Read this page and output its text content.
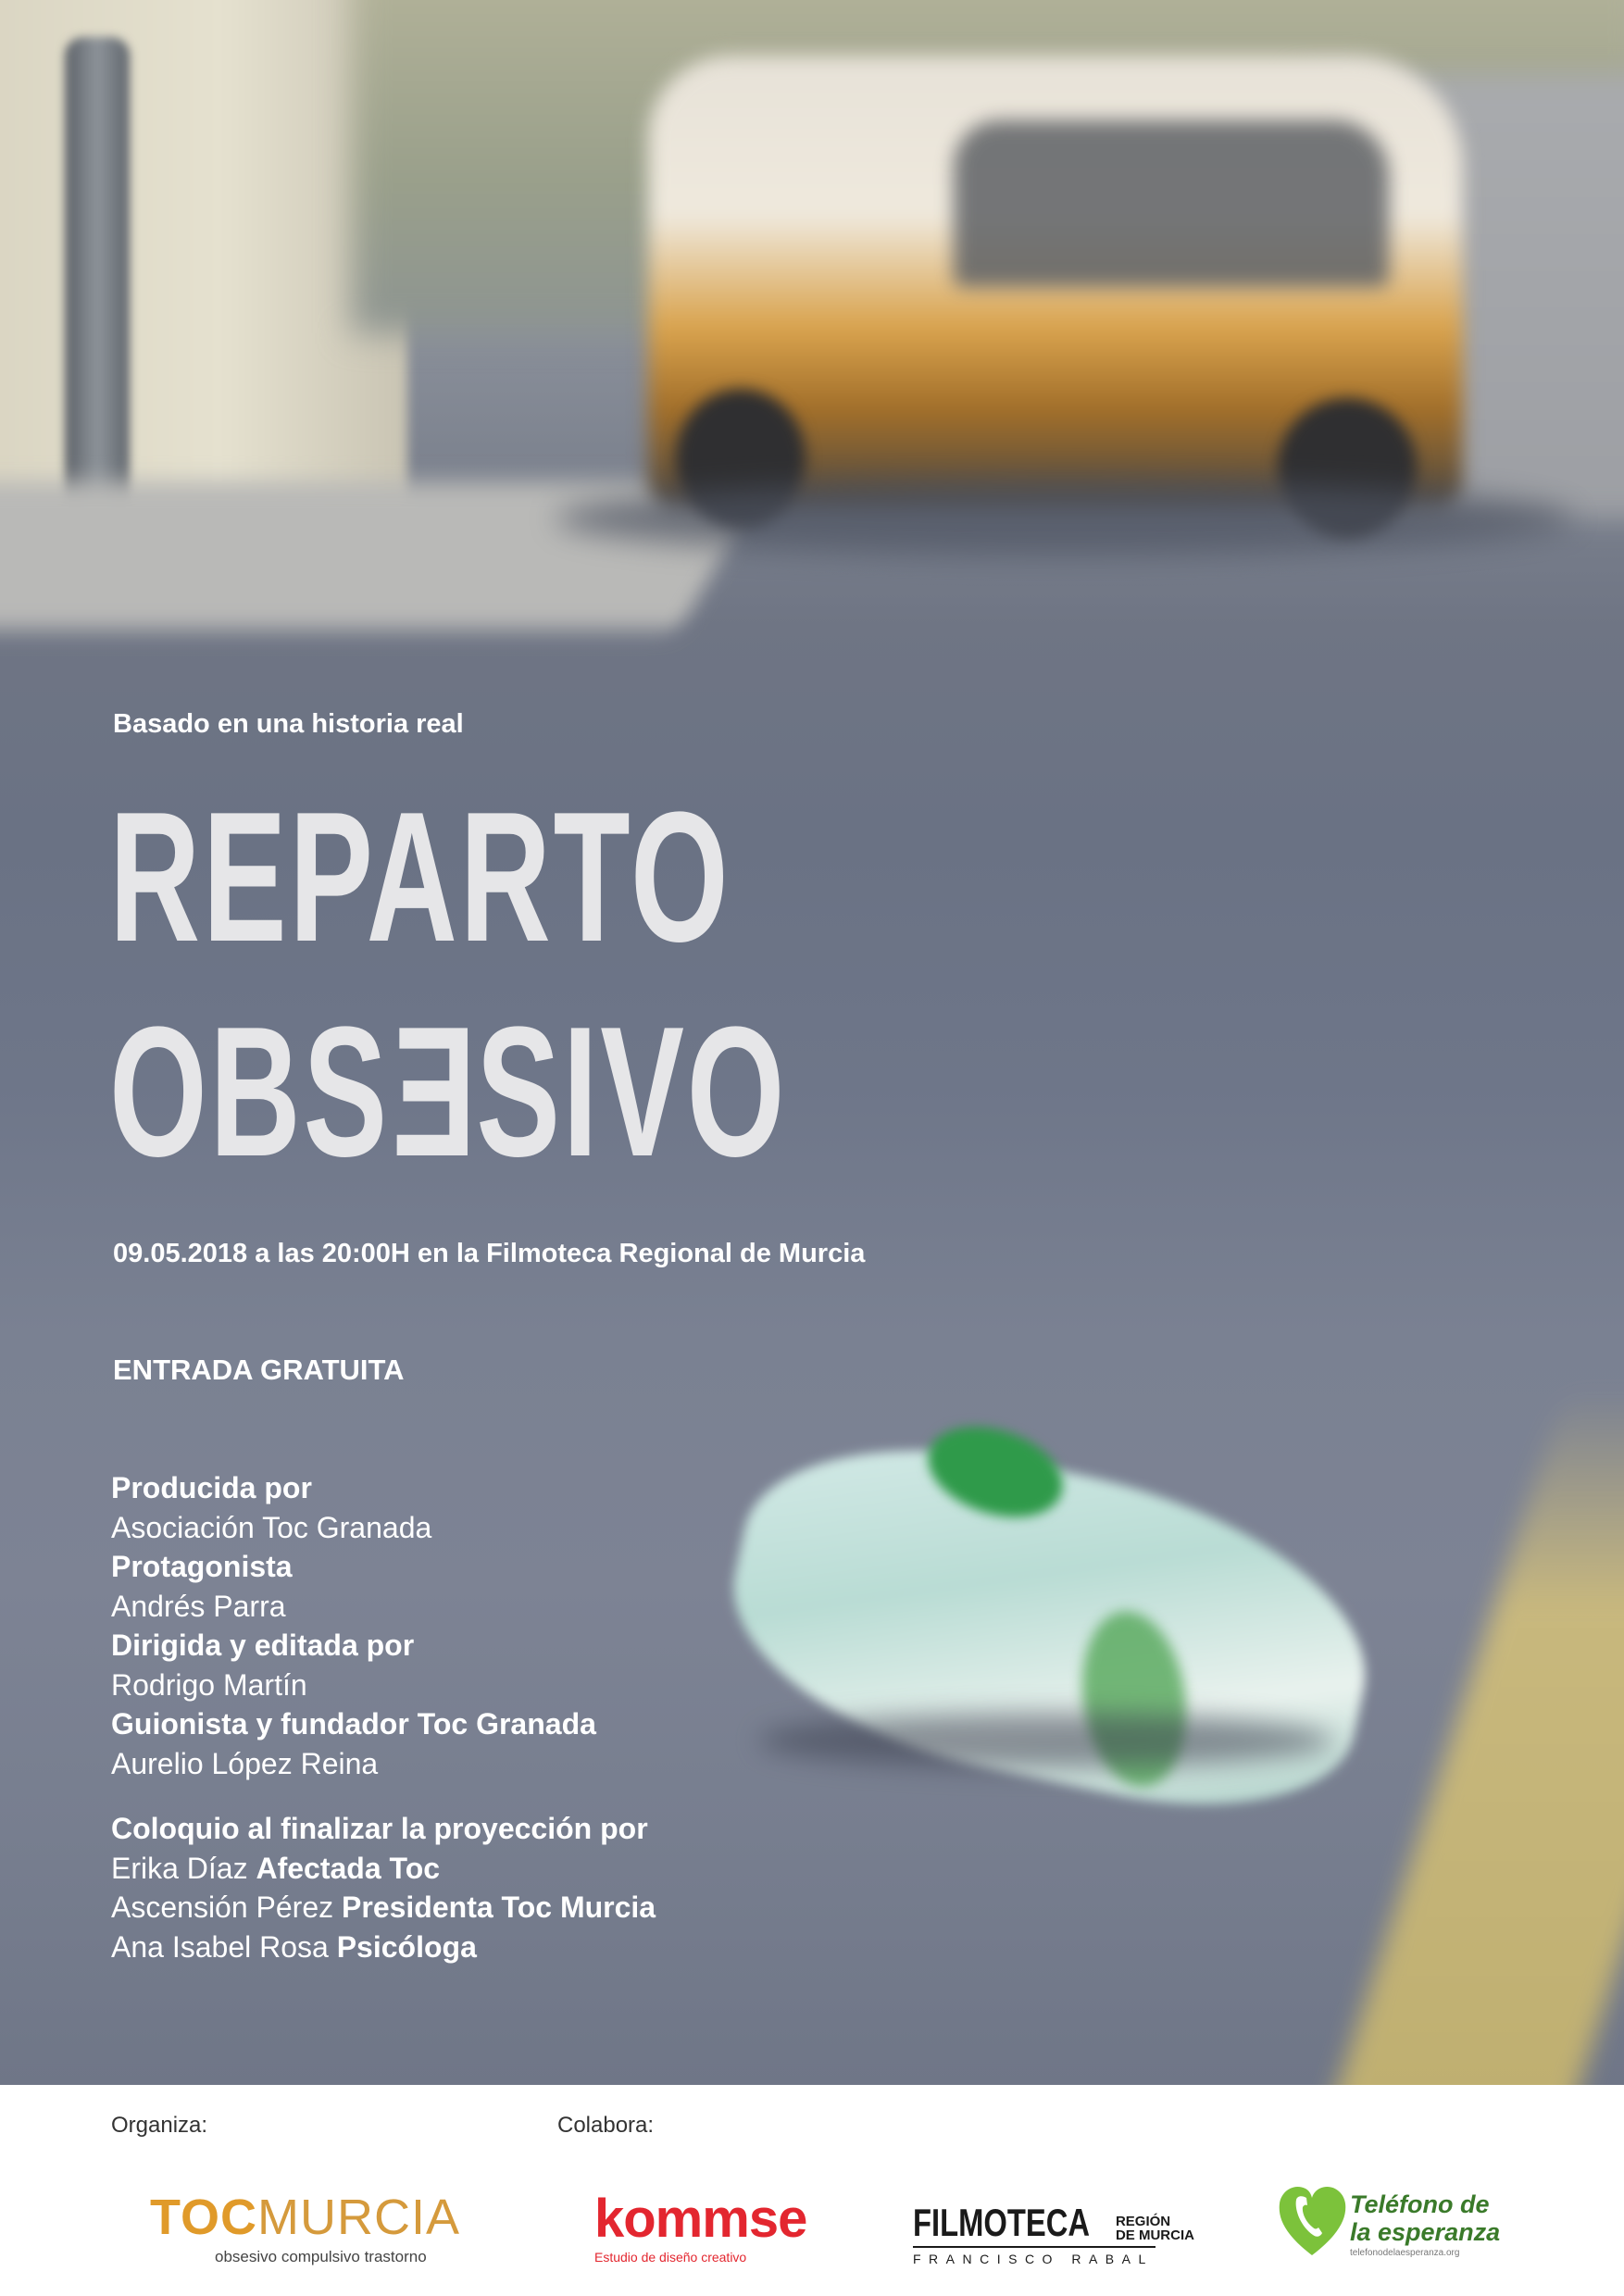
Basado en una historia real
REPARTO
OBSESIVO
09.05.2018 a las 20:00H en la Filmoteca Regional de Murcia
ENTRADA GRATUITA
Producida por
Asociación Toc Granada
Protagonista
Andrés Parra
Dirigida y editada por
Rodrigo Martín
Guionista y fundador Toc Granada
Aurelio López Reina
Coloquio al finalizar la proyección por
Erika Díaz Afectada Toc
Ascensión Pérez Presidenta Toc Murcia
Ana Isabel Rosa Psicóloga
Organiza:	Colabora:
TOCMURCIA
obsesivo compulsivo trastorno
kommse
Estudio de diseño creativo
FILMOTECA REGIÓN
DE MURCIA
FRANCISCO RABAL
Teléfono de
la esperanza
telefonodelaesperanza.org
